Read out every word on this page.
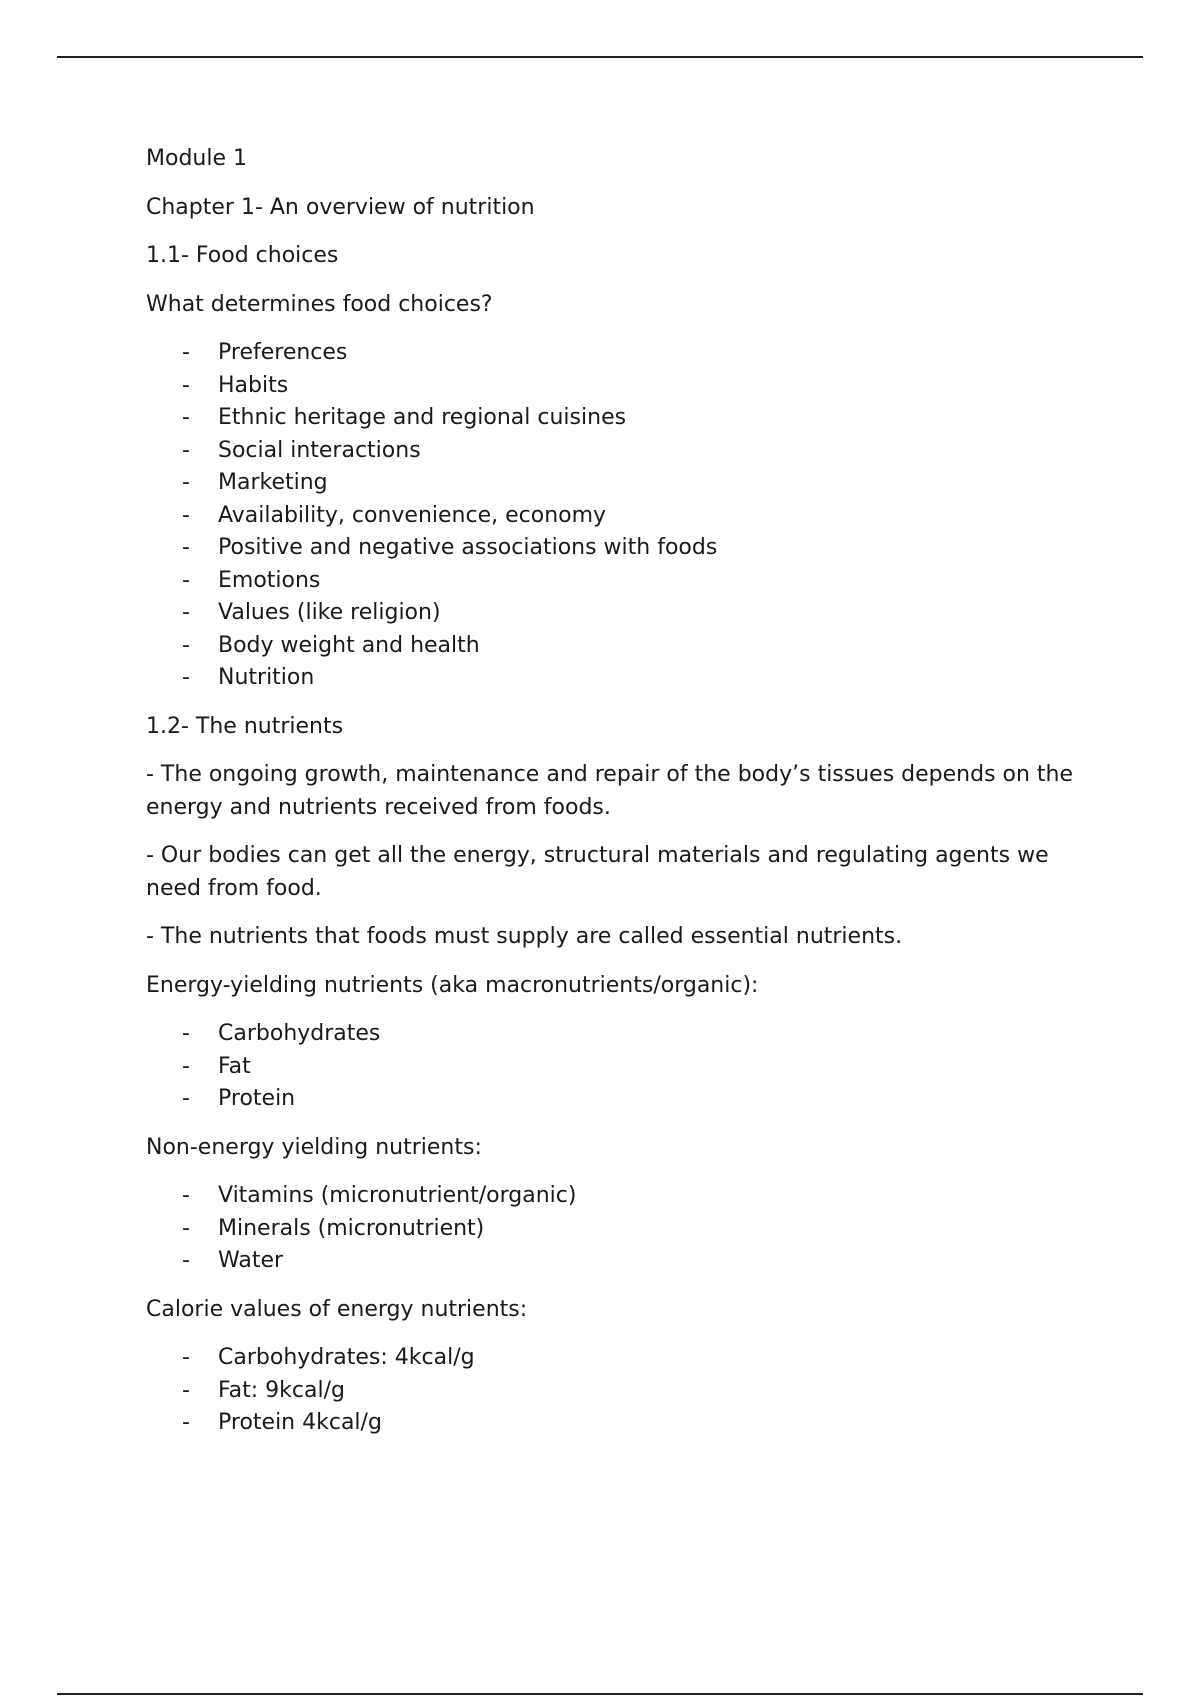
Module 1

Chapter 1- An overview of nutrition

1.1- Food choices

What determines food choices?

- Preferences
- Habits
- Ethnic heritage and regional cuisines
- Social interactions
- Marketing
- Availability, convenience, economy
- Positive and negative associations with foods
- Emotions
- Values (like religion)
- Body weight and health
- Nutrition

1.2- The nutrients

- The ongoing growth, maintenance and repair of the body’s tissues depends on the energy and nutrients received from foods.

- Our bodies can get all the energy, structural materials and regulating agents we need from food.

- The nutrients that foods must supply are called essential nutrients.

Energy-yielding nutrients (aka macronutrients/organic):

- Carbohydrates
- Fat
- Protein

Non-energy yielding nutrients:

- Vitamins (micronutrient/organic)
- Minerals (micronutrient)
- Water

Calorie values of energy nutrients:

- Carbohydrates: 4kcal/g
- Fat: 9kcal/g
- Protein 4kcal/g
